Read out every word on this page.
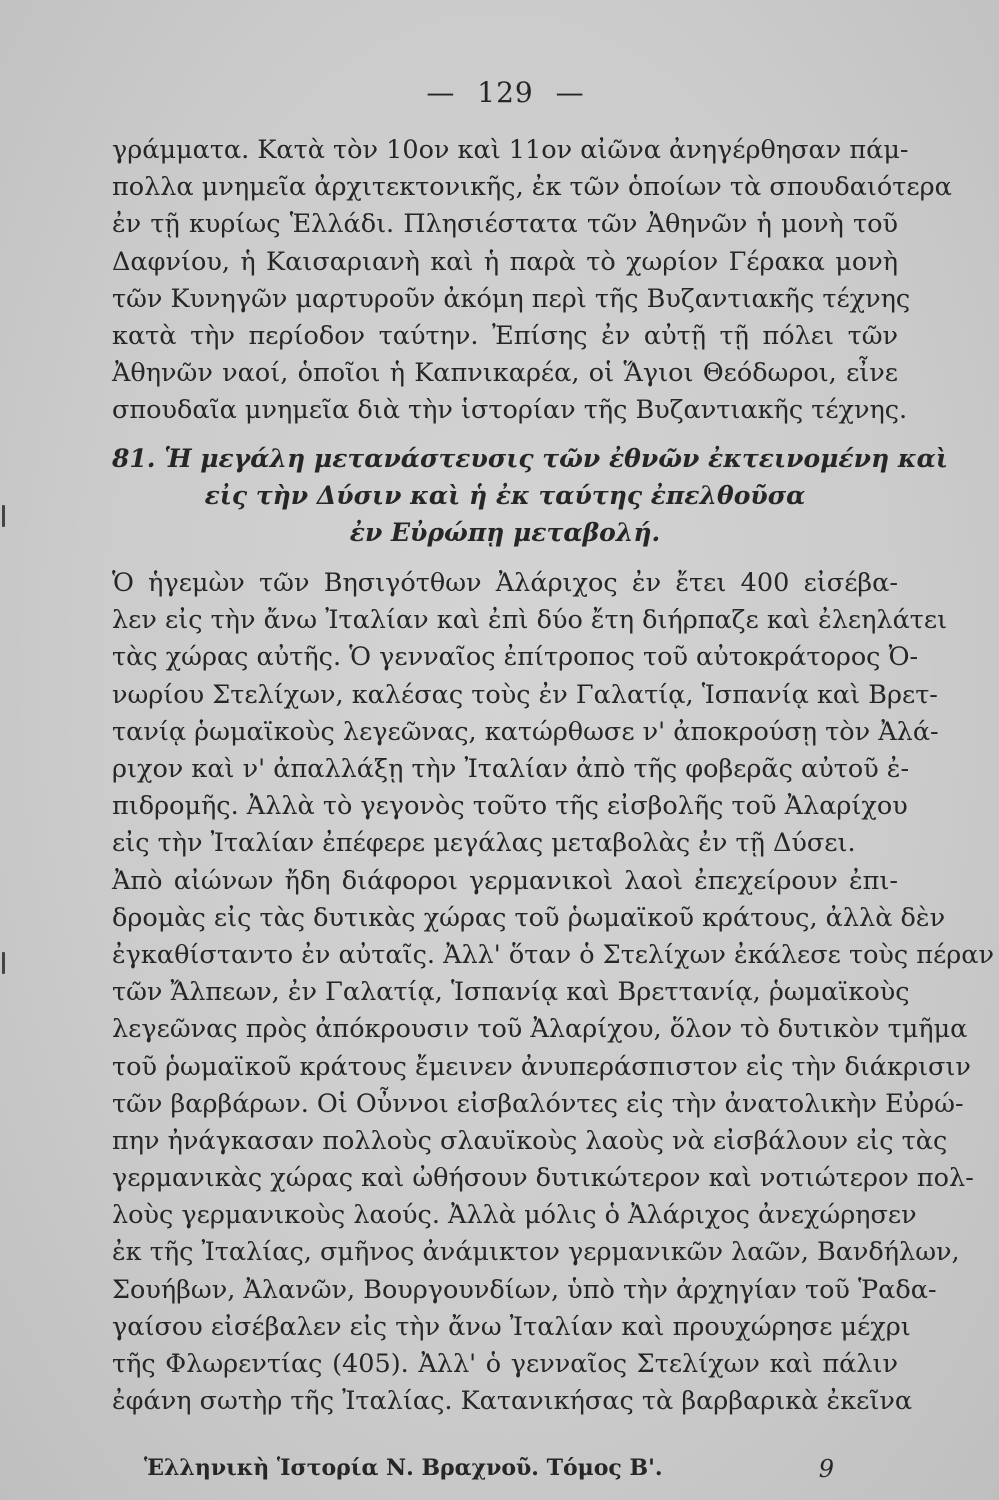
— 129 —
γράμματα. Κατὰ τὸν 10ον καὶ 11ον αἰῶνα ἀνηγέρθησαν πάμ-
πολλα μνημεῖα ἀρχιτεκτονικῆς, ἐκ τῶν ὁποίων τὰ σπουδαιότερα
ἐν τῇ κυρίως Ἑλλάδι. Πλησιέστατα τῶν Ἀθηνῶν ἡ μονὴ τοῦ
Δαφνίου, ἡ Καισαριανὴ καὶ ἡ παρὰ τὸ χωρίον Γέρακα μονὴ
τῶν Κυνηγῶν μαρτυροῦν ἀκόμη περὶ τῆς Βυζαντιακῆς τέχνης
κατὰ τὴν περίοδον ταύτην. Ἐπίσης ἐν αὐτῇ τῇ πόλει τῶν
Ἀθηνῶν ναοί, ὁποῖοι ἡ Καπνικαρέα, οἱ Ἅγιοι Θεόδωροι, εἶνε
σπουδαῖα μνημεῖα διὰ τὴν ἱστορίαν τῆς Βυζαντιακῆς τέχνης.
81. Ἡ μεγάλη μετανάστευσις τῶν ἐθνῶν ἐκτεινομένη καὶ
εἰς τὴν Δύσιν καὶ ἡ ἐκ ταύτης ἐπελθοῦσα
ἐν Εὐρώπῃ μεταβολή.
Ὁ ἡγεμὼν τῶν Βησιγότθων Ἀλάριχος ἐν ἔτει 400 εἰσέβα-
λεν εἰς τὴν ἄνω Ἰταλίαν καὶ ἐπὶ δύο ἔτη διήρπαζε καὶ ἐλεηλάτει
τὰς χώρας αὐτῆς. Ὁ γενναῖος ἐπίτροπος τοῦ αὐτοκράτορος Ὀ-
νωρίου Στελίχων, καλέσας τοὺς ἐν Γαλατίᾳ, Ἱσπανίᾳ καὶ Βρετ-
τανίᾳ ῥωμαϊκοὺς λεγεῶνας, κατώρθωσε ν' ἀποκρούσῃ τὸν Ἀλά-
ριχον καὶ ν' ἀπαλλάξῃ τὴν Ἰταλίαν ἀπὸ τῆς φοβερᾶς αὐτοῦ ἐ-
πιδρομῆς. Ἀλλὰ τὸ γεγονὸς τοῦτο τῆς εἰσβολῆς τοῦ Ἀλαρίχου
εἰς τὴν Ἰταλίαν ἐπέφερε μεγάλας μεταβολὰς ἐν τῇ Δύσει.
Ἀπὸ αἰώνων ἤδη διάφοροι γερμανικοὶ λαοὶ ἐπεχείρουν ἐπι-
δρομὰς εἰς τὰς δυτικὰς χώρας τοῦ ῥωμαϊκοῦ κράτους, ἀλλὰ δὲν
ἐγκαθίσταντο ἐν αὐταῖς. Ἀλλ' ὅταν ὁ Στελίχων ἐκάλεσε τοὺς πέραν
τῶν Ἄλπεων, ἐν Γαλατίᾳ, Ἱσπανίᾳ καὶ Βρεττανίᾳ, ῥωμαϊκοὺς
λεγεῶνας πρὸς ἀπόκρουσιν τοῦ Ἀλαρίχου, ὅλον τὸ δυτικὸν τμῆμα
τοῦ ῥωμαϊκοῦ κράτους ἔμεινεν ἀνυπεράσπιστον εἰς τὴν διάκρισιν
τῶν βαρβάρων. Οἱ Οὖννοι εἰσβαλόντες εἰς τὴν ἀνατολικὴν Εὐρώ-
πην ἠνάγκασαν πολλοὺς σλαυϊκοὺς λαοὺς νὰ εἰσβάλουν εἰς τὰς
γερμανικὰς χώρας καὶ ὠθήσουν δυτικώτερον καὶ νοτιώτερον πολ-
λοὺς γερμανικοὺς λαούς. Ἀλλὰ μόλις ὁ Ἀλάριχος ἀνεχώρησεν
ἐκ τῆς Ἰταλίας, σμῆνος ἀνάμικτον γερμανικῶν λαῶν, Βανδήλων,
Σουήβων, Ἀλανῶν, Βουργουνδίων, ὑπὸ τὴν ἀρχηγίαν τοῦ Ῥαδα-
γαίσου εἰσέβαλεν εἰς τὴν ἄνω Ἰταλίαν καὶ προυχώρησε μέχρι
τῆς Φλωρεντίας (405). Ἀλλ' ὁ γενναῖος Στελίχων καὶ πάλιν
ἐφάνη σωτὴρ τῆς Ἰταλίας. Κατανικήσας τὰ βαρβαρικὰ ἐκεῖνα
Ἑλληνικὴ Ἱστορία Ν. Βραχνοῦ. Τόμος Β'.	9
